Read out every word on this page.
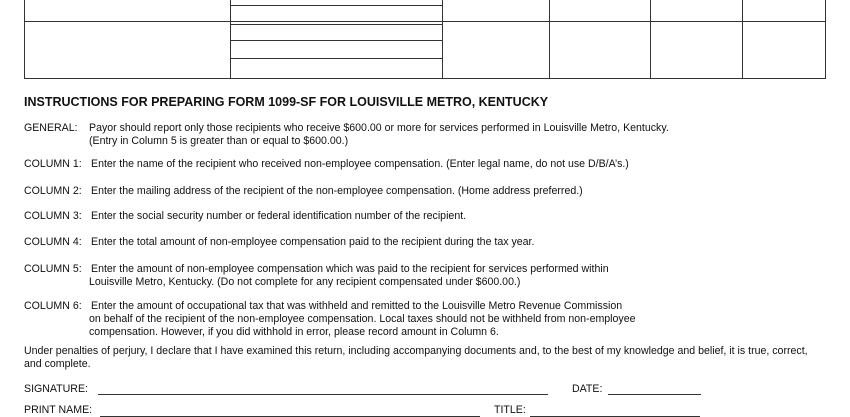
INSTRUCTIONS FOR PREPARING FORM 1099-SF FOR LOUISVILLE METRO, KENTUCKY
GENERAL: Payor should report only those recipients who receive $600.00 or more for services performed in Louisville Metro, Kentucky.
(Entry in Column 5 is greater than or equal to $600.00.)
COLUMN 1: Enter the name of the recipient who received non-employee compensation. (Enter legal name, do not use D/B/A’s.)
COLUMN 2: Enter the mailing address of the recipient of the non-employee compensation. (Home address preferred.)
COLUMN 3: Enter the social security number or federal identification number of the recipient.
COLUMN 4: Enter the total amount of non-employee compensation paid to the recipient during the tax year.
COLUMN 5: Enter the amount of non-employee compensation which was paid to the recipient for services performed within
Louisville Metro, Kentucky. (Do not complete for any recipient compensated under $600.00.)
COLUMN 6: Enter the amount of occupational tax that was withheld and remitted to the Louisville Metro Revenue Commission
on behalf of the recipient of the non-employee compensation. Local taxes should not be withheld from non-employee
compensation. However, if you did withhold in error, please record amount in Column 6.
Under penalties of perjury, I declare that I have examined this return, including accompanying documents and, to the best of my knowledge and belief, it is true, correct, and complete.
SIGNATURE:	DATE:
PRINT NAME:	TITLE:
